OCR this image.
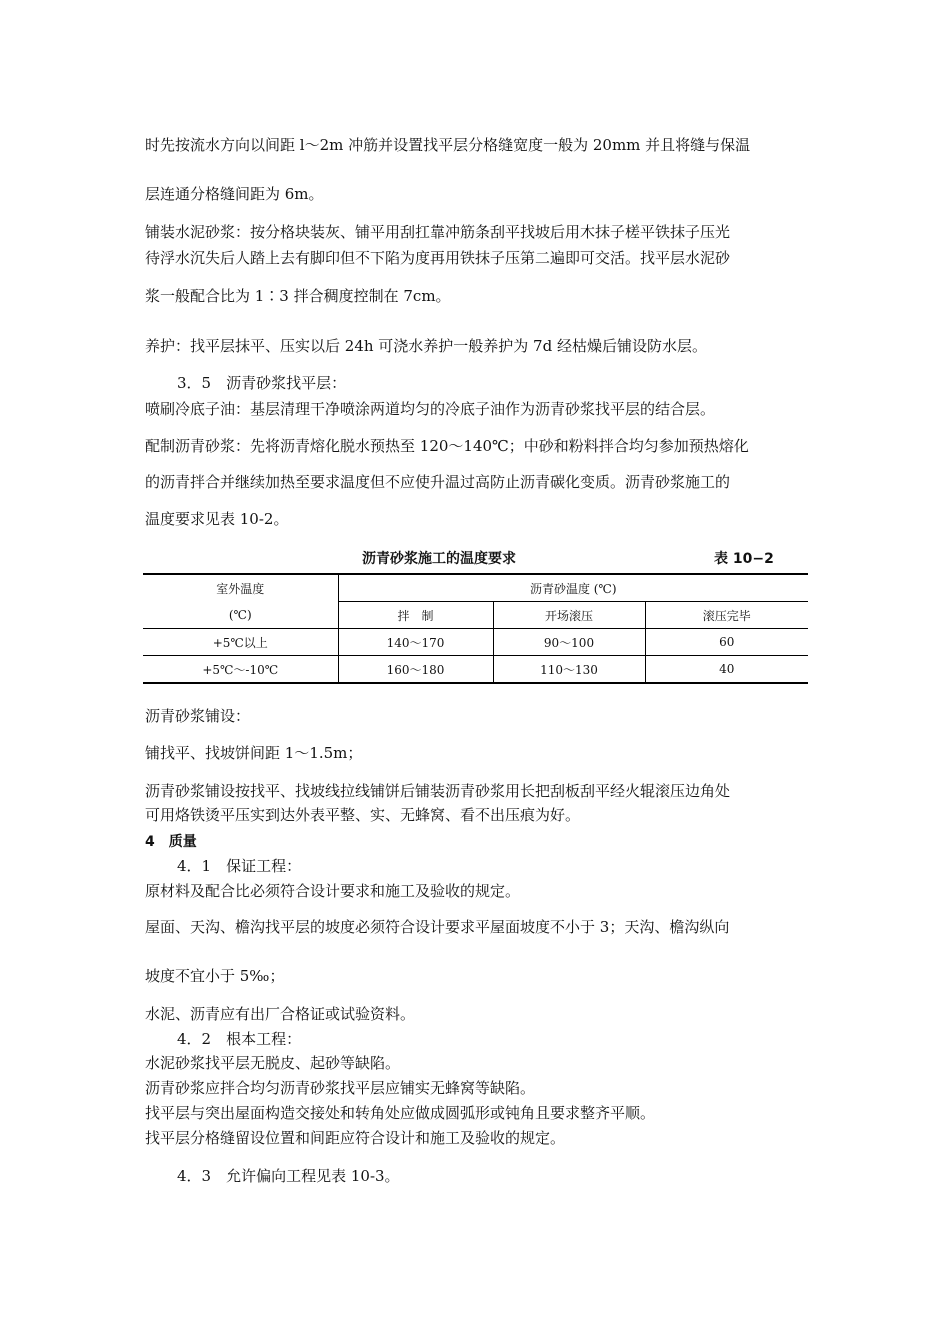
时先按流水方向以间距 l～2m 冲筋并设置找平层分格缝宽度一般为 20mm 并且将缝与保温
层连通分格缝间距为 6m。
铺装水泥砂浆：按分格块装灰、铺平用刮扛靠冲筋条刮平找坡后用木抹子槎平铁抹子压光
待浮水沉失后人踏上去有脚印但不下陷为度再用铁抹子压第二遍即可交活。找平层水泥砂
浆一般配合比为 1∶3 拌合稠度控制在 7cm。
养护：找平层抹平、压实以后 24h 可浇水养护一般养护为 7d 经枯燥后铺设防水层。
3．5　沥青砂浆找平层：
喷刷冷底子油：基层清理干净喷涂两道均匀的冷底子油作为沥青砂浆找平层的结合层。
配制沥青砂浆：先将沥青熔化脱水预热至 120～140℃；中砂和粉料拌合均匀参加预热熔化
的沥青拌合并继续加热至要求温度但不应使升温过高防止沥青碳化变质。沥青砂浆施工的
温度要求见表 10-2。
沥青砂浆施工的温度要求	表 10−2
室外温度	沥青砂温度 (℃)		
(℃)	拌　制	开场滚压	滚压完毕
+5℃以上	140～170	90～100	60
+5℃～-10℃	160～180	110～130	40
沥青砂浆铺设：
铺找平、找坡饼间距 1～1.5m；
沥青砂浆铺设按找平、找坡线拉线铺饼后铺装沥青砂浆用长把刮板刮平经火辊滚压边角处
可用烙铁烫平压实到达外表平整、实、无蜂窝、看不出压痕为好。
4　质量
4．1　保证工程：
原材料及配合比必须符合设计要求和施工及验收的规定。
屋面、天沟、檐沟找平层的坡度必须符合设计要求平屋面坡度不小于 3；天沟、檐沟纵向
坡度不宜小于 5‰；
水泥、沥青应有出厂合格证或试验资料。
4．2　根本工程：
水泥砂浆找平层无脱皮、起砂等缺陷。
沥青砂浆应拌合均匀沥青砂浆找平层应铺实无蜂窝等缺陷。
找平层与突出屋面构造交接处和转角处应做成圆弧形或钝角且要求整齐平顺。
找平层分格缝留设位置和间距应符合设计和施工及验收的规定。
4．3　允许偏向工程见表 10-3。
